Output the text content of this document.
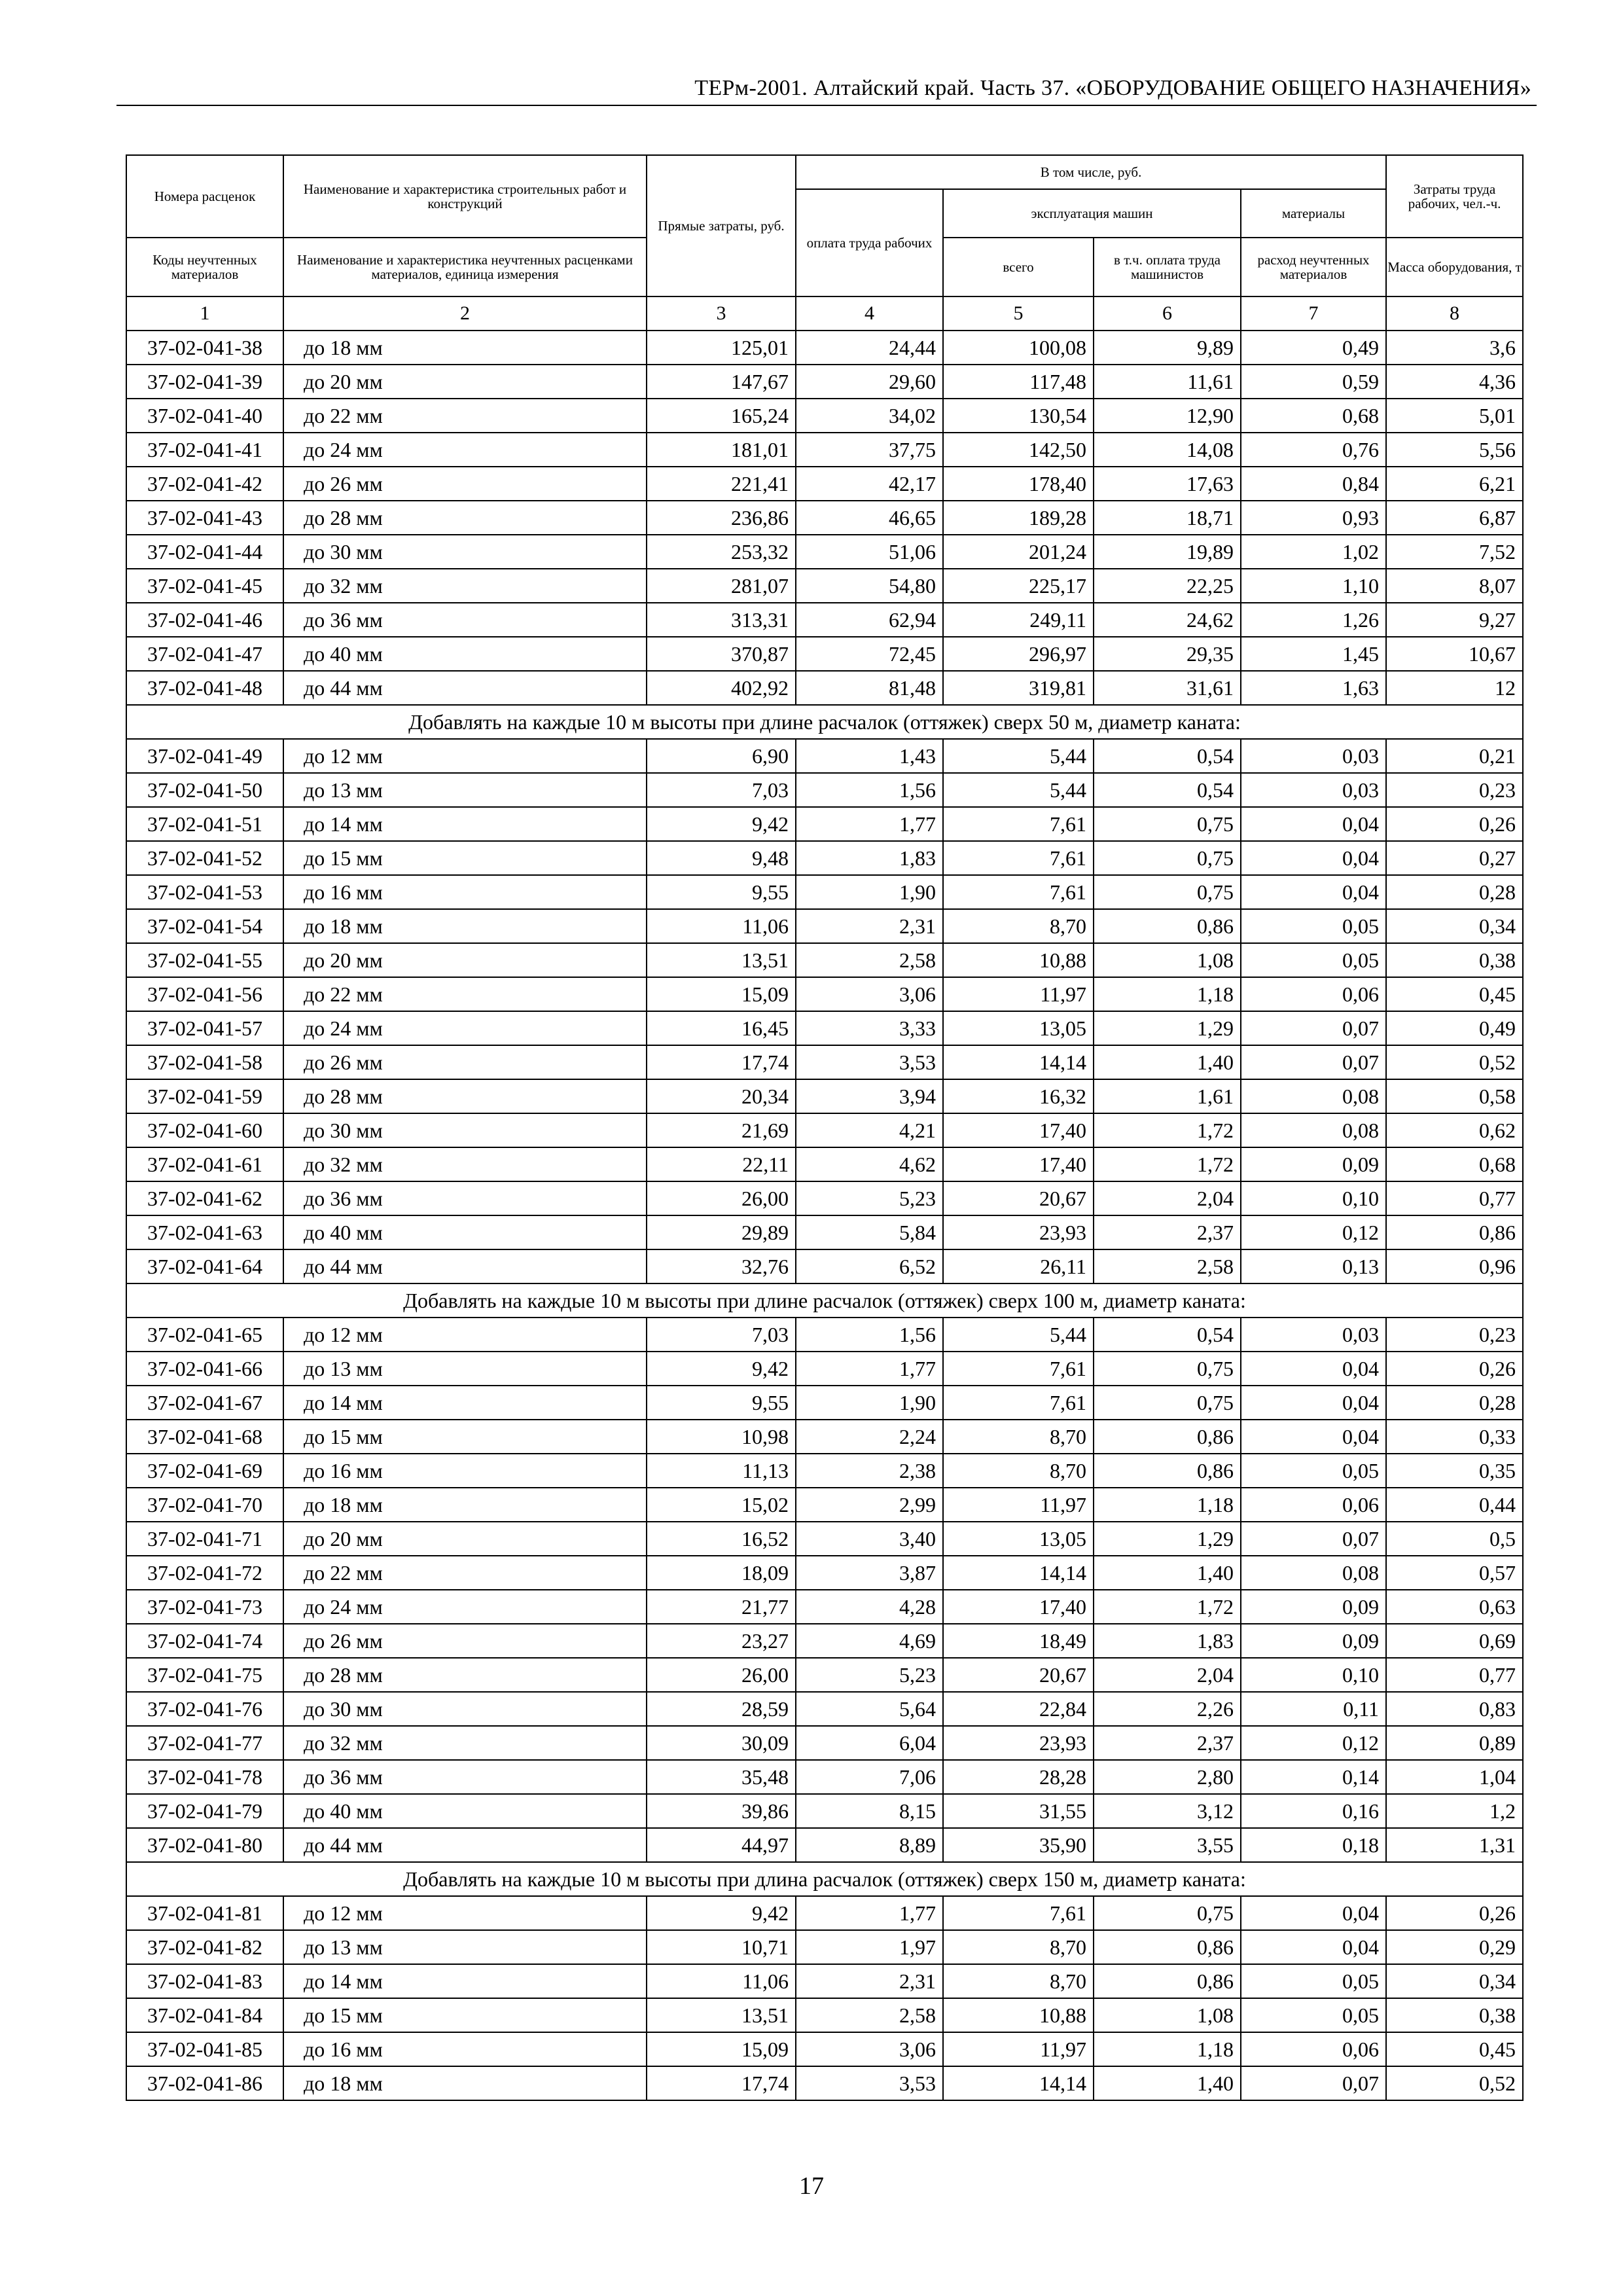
ТЕРм-2001. Алтайский край. Часть 37. «ОБОРУДОВАНИЕ ОБЩЕГО НАЗНАЧЕНИЯ»
Номера расценок	Наименование и характеристика строительных работ и конструкций	Прямые затраты, руб.	В том числе, руб.				Затраты труда рабочих, чел.-ч.
			оплата труда рабочих	эксплуатация машин		материалы	
Коды неучтенных материалов	Наименование и характеристика неучтенных расценками материалов, единица измерения			всего	в т.ч. оплата труда машинистов	расход неучтенных материалов	Масса оборудования, т
1	2	3	4	5	6	7	8
37-02-041-38	до 18 мм	125,01	24,44	100,08	9,89	0,49	3,6
37-02-041-39	до 20 мм	147,67	29,60	117,48	11,61	0,59	4,36
37-02-041-40	до 22 мм	165,24	34,02	130,54	12,90	0,68	5,01
37-02-041-41	до 24 мм	181,01	37,75	142,50	14,08	0,76	5,56
37-02-041-42	до 26 мм	221,41	42,17	178,40	17,63	0,84	6,21
37-02-041-43	до 28 мм	236,86	46,65	189,28	18,71	0,93	6,87
37-02-041-44	до 30 мм	253,32	51,06	201,24	19,89	1,02	7,52
37-02-041-45	до 32 мм	281,07	54,80	225,17	22,25	1,10	8,07
37-02-041-46	до 36 мм	313,31	62,94	249,11	24,62	1,26	9,27
37-02-041-47	до 40 мм	370,87	72,45	296,97	29,35	1,45	10,67
37-02-041-48	до 44 мм	402,92	81,48	319,81	31,61	1,63	12
Добавлять на каждые 10 м высоты при длине расчалок (оттяжек) сверх 50 м, диаметр каната:							
37-02-041-49	до 12 мм	6,90	1,43	5,44	0,54	0,03	0,21
37-02-041-50	до 13 мм	7,03	1,56	5,44	0,54	0,03	0,23
37-02-041-51	до 14 мм	9,42	1,77	7,61	0,75	0,04	0,26
37-02-041-52	до 15 мм	9,48	1,83	7,61	0,75	0,04	0,27
37-02-041-53	до 16 мм	9,55	1,90	7,61	0,75	0,04	0,28
37-02-041-54	до 18 мм	11,06	2,31	8,70	0,86	0,05	0,34
37-02-041-55	до 20 мм	13,51	2,58	10,88	1,08	0,05	0,38
37-02-041-56	до 22 мм	15,09	3,06	11,97	1,18	0,06	0,45
37-02-041-57	до 24 мм	16,45	3,33	13,05	1,29	0,07	0,49
37-02-041-58	до 26 мм	17,74	3,53	14,14	1,40	0,07	0,52
37-02-041-59	до 28 мм	20,34	3,94	16,32	1,61	0,08	0,58
37-02-041-60	до 30 мм	21,69	4,21	17,40	1,72	0,08	0,62
37-02-041-61	до 32 мм	22,11	4,62	17,40	1,72	0,09	0,68
37-02-041-62	до 36 мм	26,00	5,23	20,67	2,04	0,10	0,77
37-02-041-63	до 40 мм	29,89	5,84	23,93	2,37	0,12	0,86
37-02-041-64	до 44 мм	32,76	6,52	26,11	2,58	0,13	0,96
Добавлять на каждые 10 м высоты при длине расчалок (оттяжек) сверх 100 м, диаметр каната:							
37-02-041-65	до 12 мм	7,03	1,56	5,44	0,54	0,03	0,23
37-02-041-66	до 13 мм	9,42	1,77	7,61	0,75	0,04	0,26
37-02-041-67	до 14 мм	9,55	1,90	7,61	0,75	0,04	0,28
37-02-041-68	до 15 мм	10,98	2,24	8,70	0,86	0,04	0,33
37-02-041-69	до 16 мм	11,13	2,38	8,70	0,86	0,05	0,35
37-02-041-70	до 18 мм	15,02	2,99	11,97	1,18	0,06	0,44
37-02-041-71	до 20 мм	16,52	3,40	13,05	1,29	0,07	0,5
37-02-041-72	до 22 мм	18,09	3,87	14,14	1,40	0,08	0,57
37-02-041-73	до 24 мм	21,77	4,28	17,40	1,72	0,09	0,63
37-02-041-74	до 26 мм	23,27	4,69	18,49	1,83	0,09	0,69
37-02-041-75	до 28 мм	26,00	5,23	20,67	2,04	0,10	0,77
37-02-041-76	до 30 мм	28,59	5,64	22,84	2,26	0,11	0,83
37-02-041-77	до 32 мм	30,09	6,04	23,93	2,37	0,12	0,89
37-02-041-78	до 36 мм	35,48	7,06	28,28	2,80	0,14	1,04
37-02-041-79	до 40 мм	39,86	8,15	31,55	3,12	0,16	1,2
37-02-041-80	до 44 мм	44,97	8,89	35,90	3,55	0,18	1,31
Добавлять на каждые 10 м высоты при длина расчалок (оттяжек) сверх 150 м, диаметр каната:							
37-02-041-81	до 12 мм	9,42	1,77	7,61	0,75	0,04	0,26
37-02-041-82	до 13 мм	10,71	1,97	8,70	0,86	0,04	0,29
37-02-041-83	до 14 мм	11,06	2,31	8,70	0,86	0,05	0,34
37-02-041-84	до 15 мм	13,51	2,58	10,88	1,08	0,05	0,38
37-02-041-85	до 16 мм	15,09	3,06	11,97	1,18	0,06	0,45
37-02-041-86	до 18 мм	17,74	3,53	14,14	1,40	0,07	0,52
17
